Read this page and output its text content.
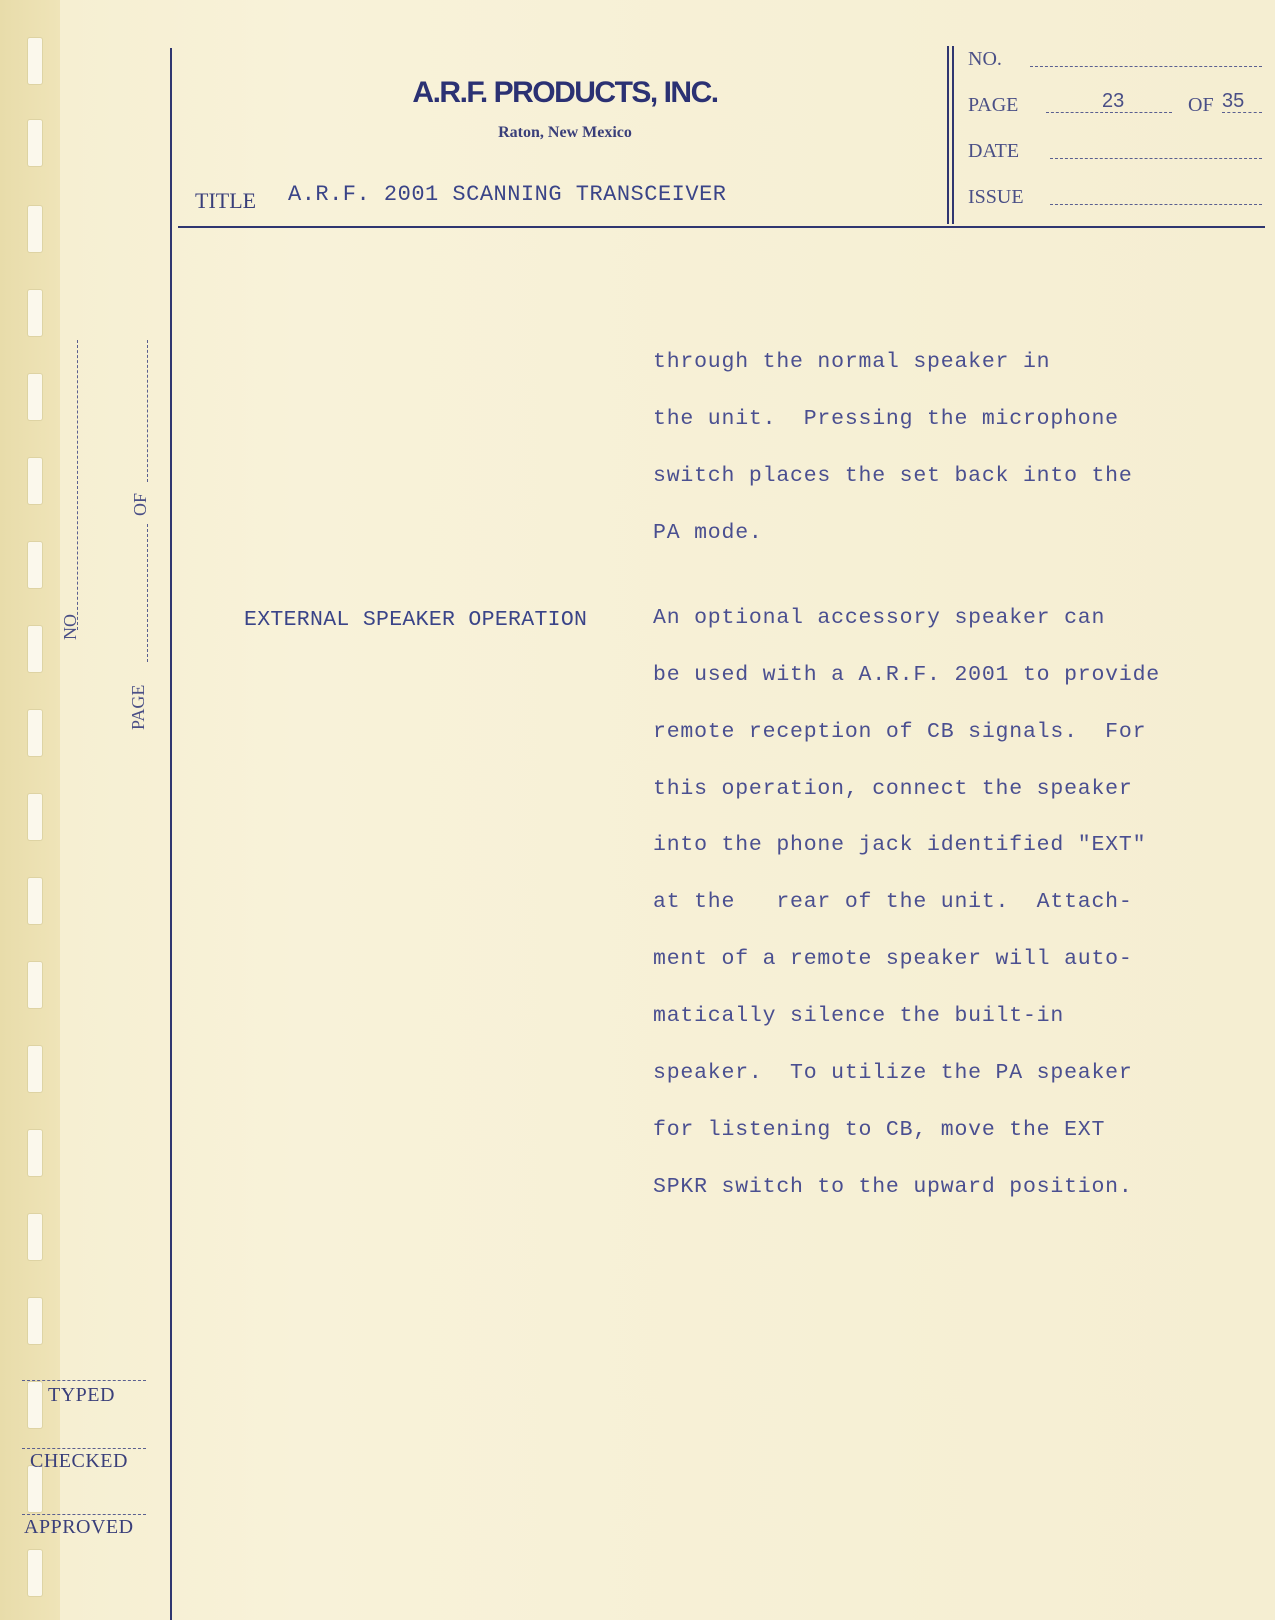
A.R.F. PRODUCTS, INC.
Raton, New Mexico
TITLE A.R.F. 2001 SCANNING TRANSCEIVER
NO.
PAGE	23	OF 35
DATE
ISSUE
NO
OF
PAGE
TYPED
CHECKED
APPROVED
through the normal speaker in
the unit.  Pressing the microphone
switch places the set back into the
PA mode.
EXTERNAL SPEAKER OPERATION	An optional accessory speaker can
be used with a A.R.F. 2001 to provide
remote reception of CB signals.  For
this operation, connect the speaker
into the phone jack identified "EXT"
at the   rear of the unit.  Attach-
ment of a remote speaker will auto-
matically silence the built-in
speaker.  To utilize the PA speaker
for listening to CB, move the EXT
SPKR switch to the upward position.
